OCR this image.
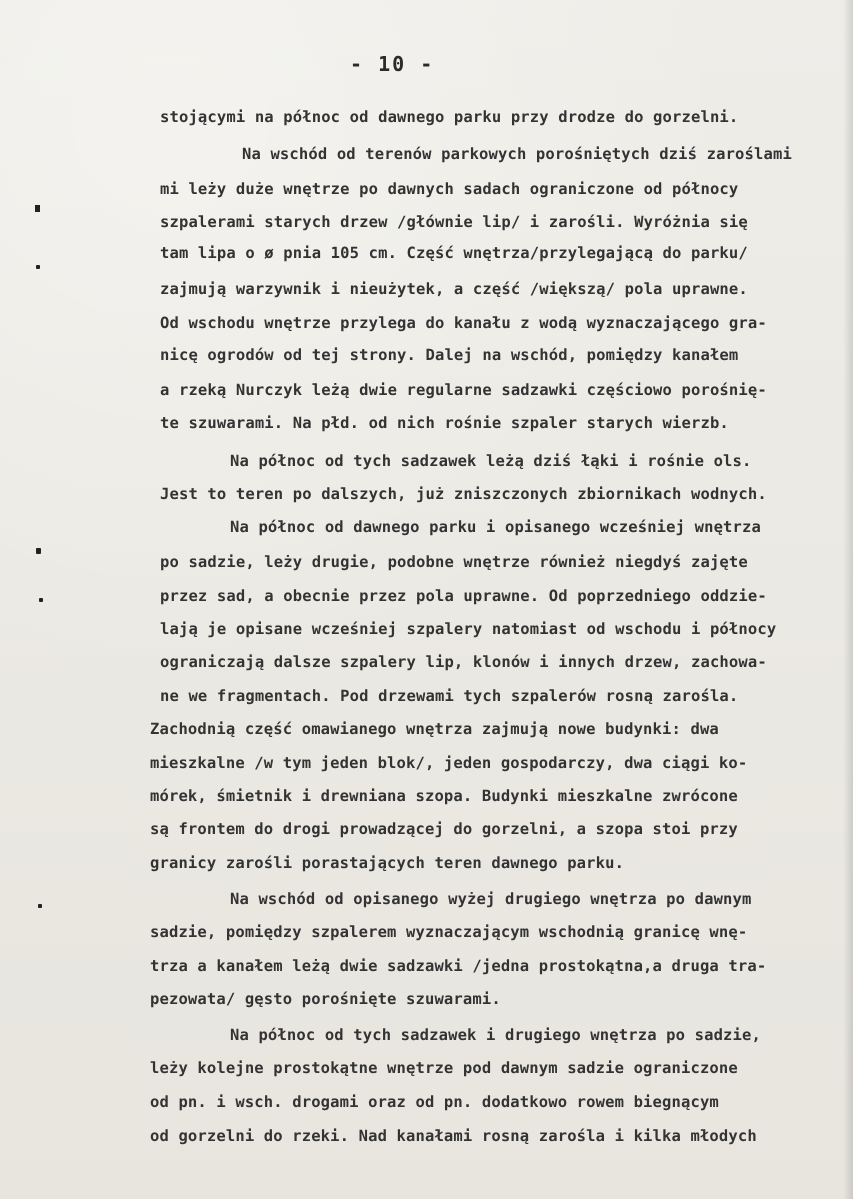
- 10 -
stojącymi na północ od dawnego parku przy drodze do gorzelni.
Na wschód od terenów parkowych porośniętych dziś zaroślami
mi leży duże wnętrze po dawnych sadach ograniczone od północy
szpalerami starych drzew /głównie lip/ i zarośli. Wyróżnia się
tam lipa o ø pnia 105 cm. Część wnętrza/przylegającą do parku/
zajmują warzywnik i nieużytek, a część /większą/ pola uprawne.
Od wschodu wnętrze przylega do kanału z wodą wyznaczającego gra-
nicę ogrodów od tej strony. Dalej na wschód, pomiędzy kanałem
a rzeką Nurczyk leżą dwie regularne sadzawki częściowo porośnię-
te szuwarami. Na płd. od nich rośnie szpaler starych wierzb.
Na północ od tych sadzawek leżą dziś łąki i rośnie ols.
Jest to teren po dalszych, już zniszczonych zbiornikach wodnych.
Na północ od dawnego parku i opisanego wcześniej wnętrza
po sadzie, leży drugie, podobne wnętrze również niegdyś zajęte
przez sad, a obecnie przez pola uprawne. Od poprzedniego oddzie-
lają je opisane wcześniej szpalery natomiast od wschodu i północy
ograniczają dalsze szpalery lip, klonów i innych drzew, zachowa-
ne we fragmentach. Pod drzewami tych szpalerów rosną zarośla.
Zachodnią część omawianego wnętrza zajmują nowe budynki: dwa
mieszkalne /w tym jeden blok/, jeden gospodarczy, dwa ciągi ko-
mórek, śmietnik i drewniana szopa. Budynki mieszkalne zwrócone
są frontem do drogi prowadzącej do gorzelni, a szopa stoi przy
granicy zarośli porastających teren dawnego parku.
Na wschód od opisanego wyżej drugiego wnętrza po dawnym
sadzie, pomiędzy szpalerem wyznaczającym wschodnią granicę wnę-
trza a kanałem leżą dwie sadzawki /jedna prostokątna,a druga tra-
pezowata/ gęsto porośnięte szuwarami.
Na północ od tych sadzawek i drugiego wnętrza po sadzie,
leży kolejne prostokątne wnętrze pod dawnym sadzie ograniczone
od pn. i wsch. drogami oraz od pn. dodatkowo rowem biegnącym
od gorzelni do rzeki. Nad kanałami rosną zarośla i kilka młodych
